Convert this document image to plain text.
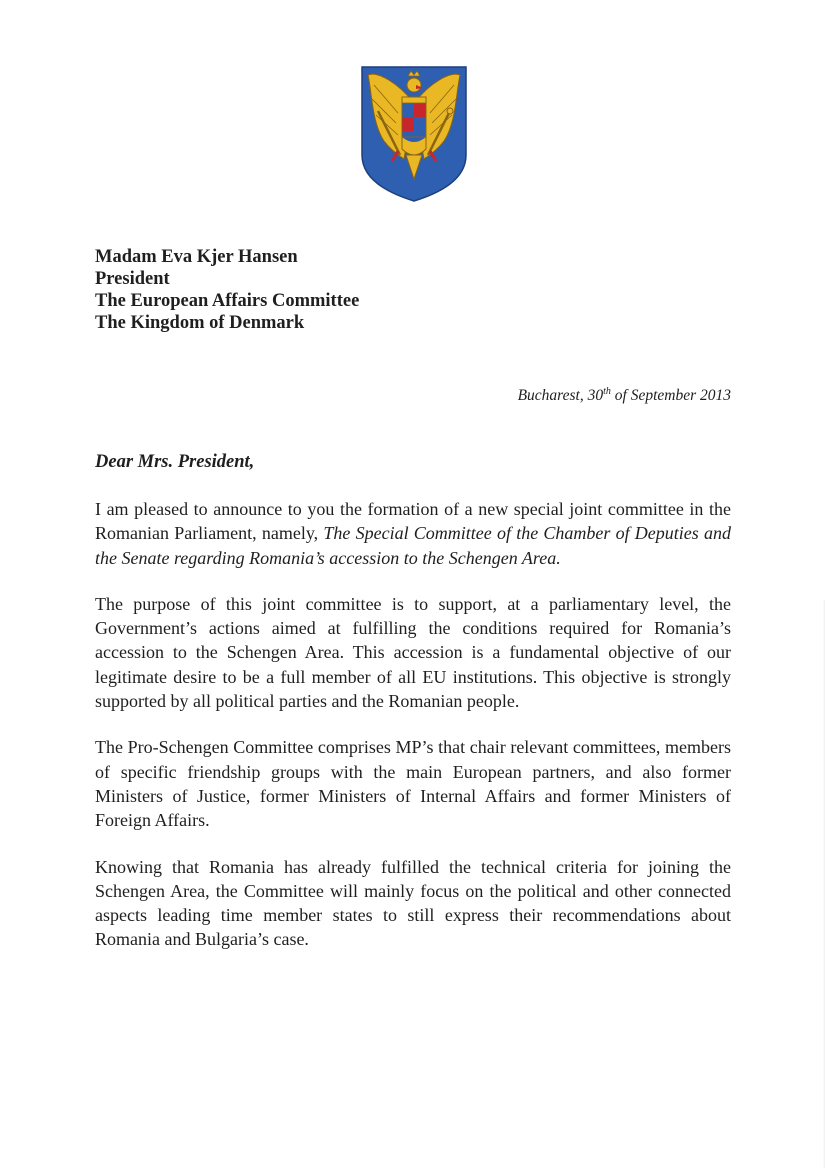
Madam Eva Kjer Hansen
President
The European Affairs Committee
The Kingdom of Denmark
Bucharest, 30th of September 2013
Dear Mrs. President,

I am pleased to announce to you the formation of a new special joint committee in the Romanian Parliament, namely, The Special Committee of the Chamber of Deputies and the Senate regarding Romania’s accession to the Schengen Area.

The purpose of this joint committee is to support, at a parliamentary level, the Government’s actions aimed at fulfilling the conditions required for Romania’s accession to the Schengen Area. This accession is a fundamental objective of our legitimate desire to be a full member of all EU institutions. This objective is strongly supported by all political parties and the Romanian people.

The Pro-Schengen Committee comprises MP’s that chair relevant committees, members of specific friendship groups with the main European partners, and also former Ministers of Justice, former Ministers of Internal Affairs and former Ministers of Foreign Affairs.

Knowing that Romania has already fulfilled the technical criteria for joining the Schengen Area, the Committee will mainly focus on the political and other connected aspects leading time member states to still express their recommendations about Romania and Bulgaria’s case.
